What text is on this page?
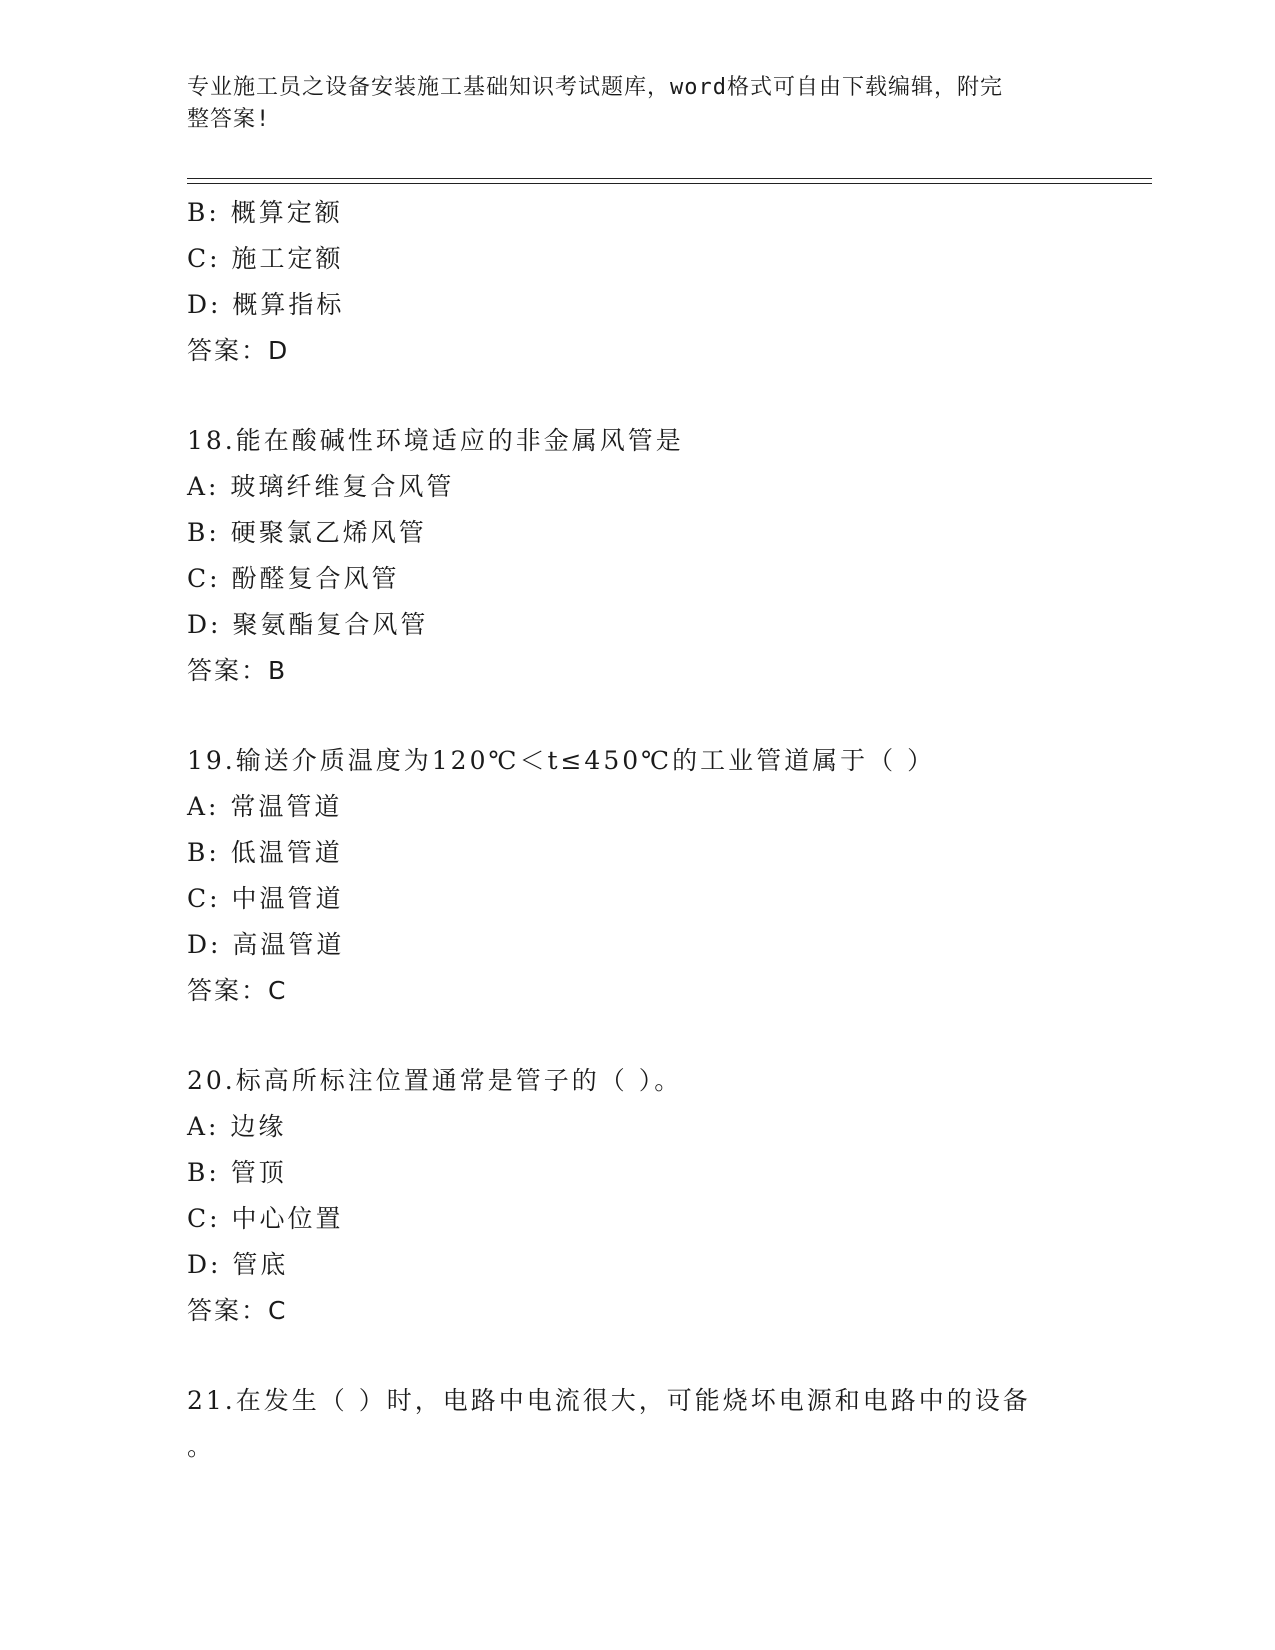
专业施工员之设备安装施工基础知识考试题库，word格式可自由下载编辑，附完
整答案!
B: 概算定额
C: 施工定额
D: 概算指标
答案：D
18.能在酸碱性环境适应的非金属风管是
A: 玻璃纤维复合风管
B: 硬聚氯乙烯风管
C: 酚醛复合风管
D: 聚氨酯复合风管
答案：B
19.输送介质温度为120℃＜t≤450℃的工业管道属于（ ）
A: 常温管道
B: 低温管道
C: 中温管道
D: 高温管道
答案：C
20.标高所标注位置通常是管子的（ ）。
A: 边缘
B: 管顶
C: 中心位置
D: 管底
答案：C
21.在发生（ ）时，电路中电流很大，可能烧坏电源和电路中的设备
。
